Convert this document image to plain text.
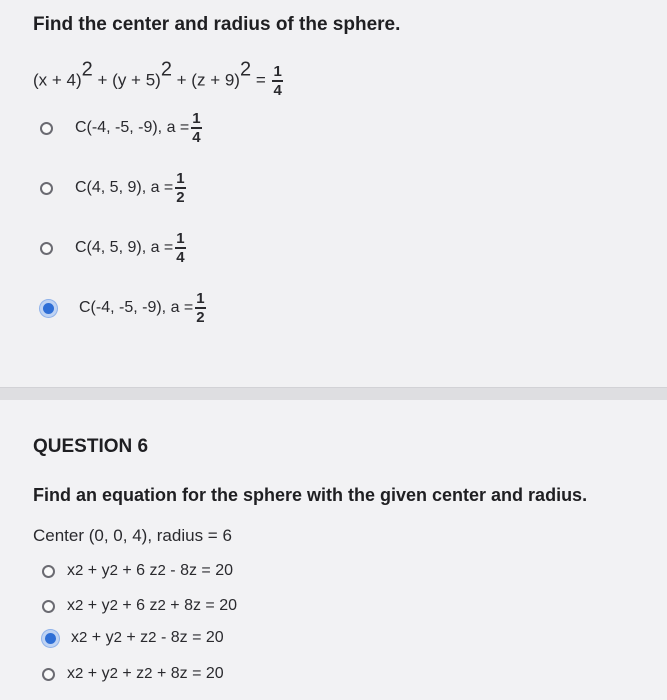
Find the center and radius of the sphere.
$(x + 4)^2 + (y + 5)^2 + (z + 9)^2 = \frac{1}{4}$
C(-4, -5, -9), $a = \frac{1}{4}$
C(4, 5, 9), $a = \frac{1}{2}$
C(4, 5, 9), $a = \frac{1}{4}$
C(-4, -5, -9), $a = \frac{1}{2}$
QUESTION 6
Find an equation for the sphere with the given center and radius.
Center (0, 0, 4), radius = 6
x 2 + y 2 + 6 z 2 - 8z = 20
x 2 + y 2 + 6 z 2 + 8z = 20
x 2 + y 2 + z 2 - 8z = 20
x 2 + y 2 + z 2 + 8z = 20
